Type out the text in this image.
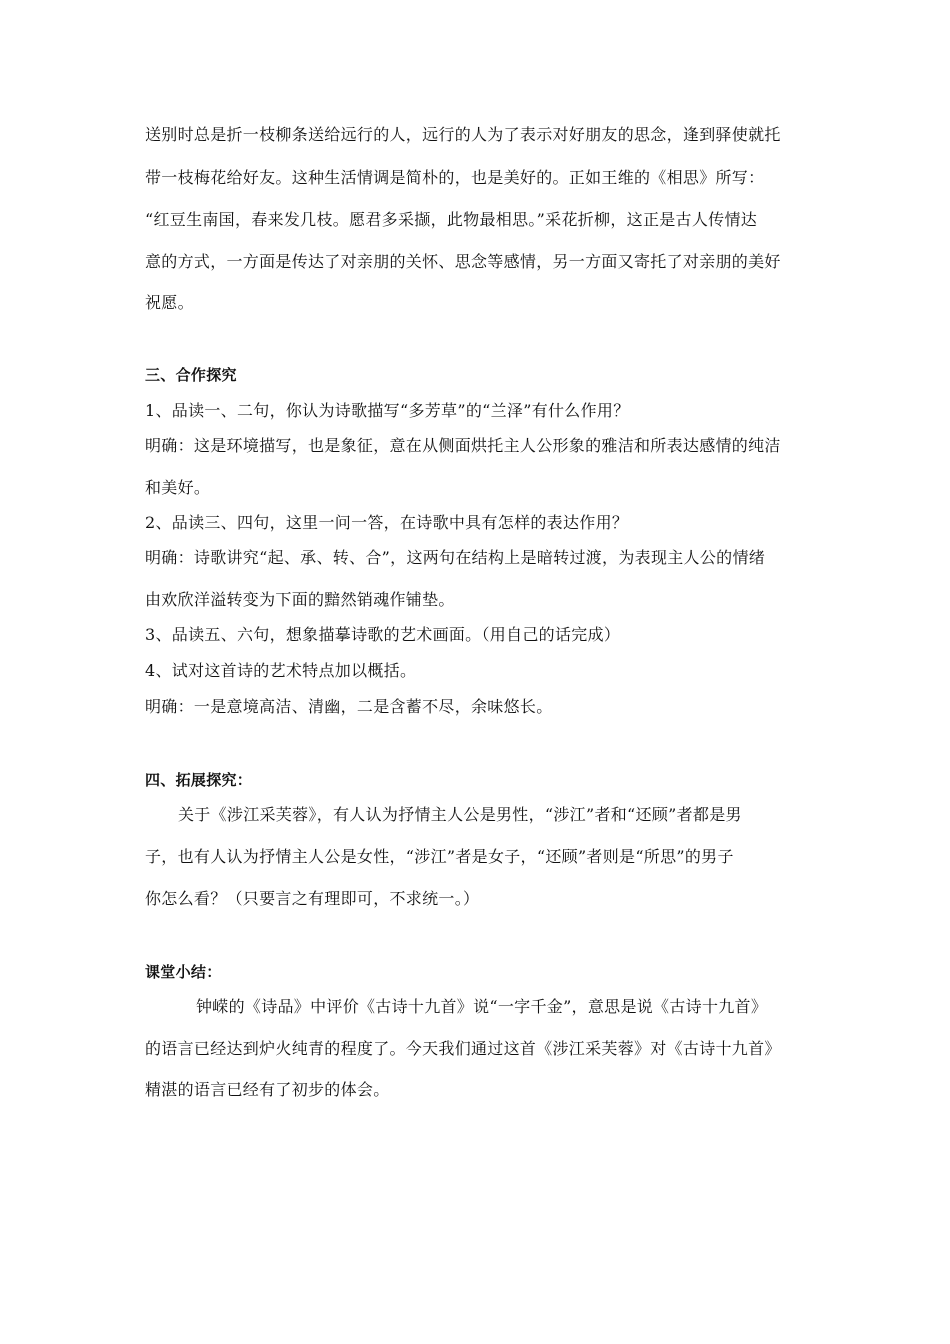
送别时总是折一枝柳条送给远行的人，远行的人为了表示对好朋友的思念，逢到驿使就托
带一枝梅花给好友。这种生活情调是简朴的，也是美好的。正如王维的《相思》所写：
“红豆生南国，春来发几枝。愿君多采撷，此物最相思。”采花折柳，这正是古人传情达
意的方式，一方面是传达了对亲朋的关怀、思念等感情，另一方面又寄托了对亲朋的美好
祝愿。
三、合作探究
1、品读一、二句，你认为诗歌描写“多芳草”的“兰泽”有什么作用？
明确：这是环境描写，也是象征，意在从侧面烘托主人公形象的雅洁和所表达感情的纯洁
和美好。
2、品读三、四句，这里一问一答，在诗歌中具有怎样的表达作用？
明确：诗歌讲究“起、承、转、合”，这两句在结构上是暗转过渡，为表现主人公的情绪
由欢欣洋溢转变为下面的黯然销魂作铺垫。
3、品读五、六句，想象描摹诗歌的艺术画面。（用自己的话完成）
4、试对这首诗的艺术特点加以概括。
明确：一是意境高洁、清幽，二是含蓄不尽，余味悠长。
四、拓展探究：
关于《涉江采芙蓉》，有人认为抒情主人公是男性，“涉江”者和“还顾”者都是男
子，也有人认为抒情主人公是女性，“涉江”者是女子，“还顾”者则是“所思”的男子
你怎么看？（只要言之有理即可，不求统一。）
课堂小结：
钟嵘的《诗品》中评价《古诗十九首》说“一字千金”，意思是说《古诗十九首》
的语言已经达到炉火纯青的程度了。今天我们通过这首《涉江采芙蓉》对《古诗十九首》
精湛的语言已经有了初步的体会。
